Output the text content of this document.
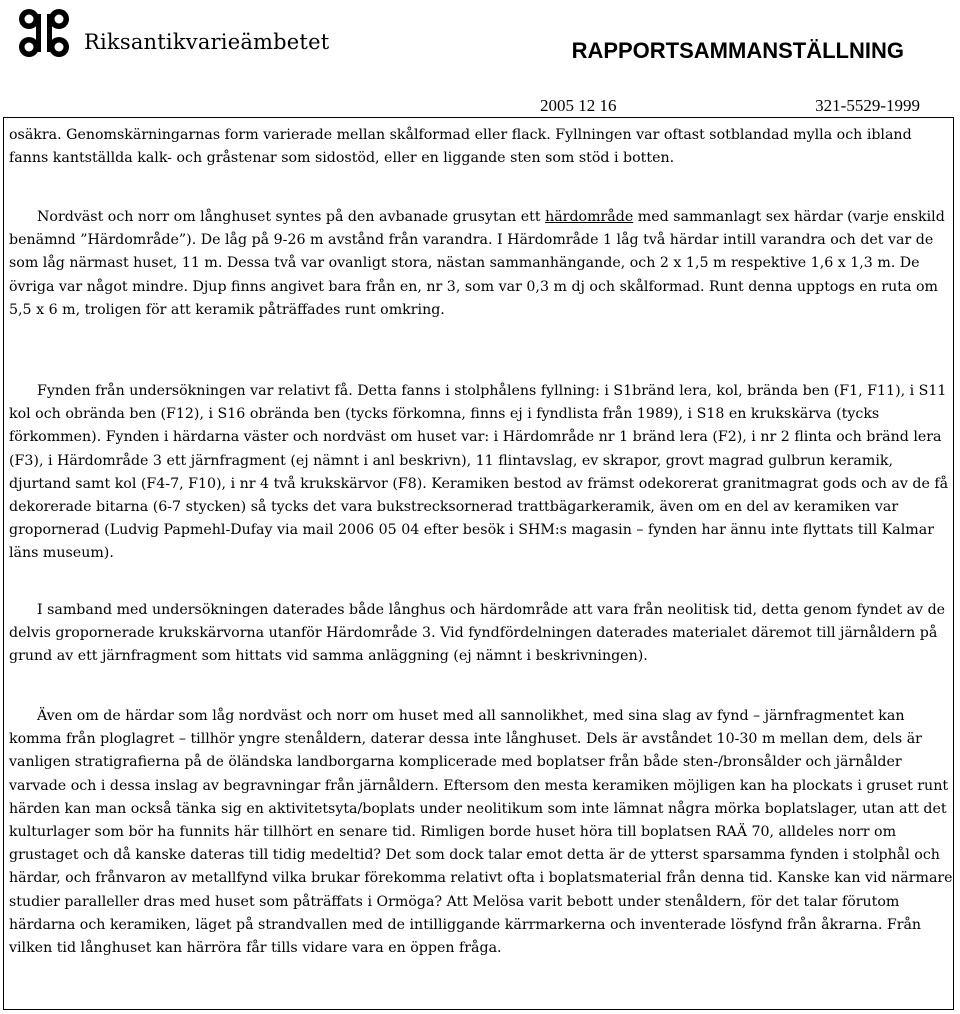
Riksantikvarieämbetet	RAPPORTSAMMANSTÄLLNING
2005 12 16	321-5529-1999

osäkra. Genomskärningarnas form varierade mellan skålformad eller flack. Fyllningen var oftast sotblandad mylla och ibland fanns kantställda kalk- och gråstenar som sidostöd, eller en liggande sten som stöd i botten.

Nordväst och norr om långhuset syntes på den avbanade grusytan ett härdområde med sammanlagt sex härdar (varje enskild benämnd ”Härdområde”). De låg på 9-26 m avstånd från varandra. I Härdområde 1 låg två härdar intill varandra och det var de som låg närmast huset, 11 m. Dessa två var ovanligt stora, nästan sammanhängande, och 2 x 1,5 m respektive 1,6 x 1,3 m. De övriga var något mindre. Djup finns angivet bara från en, nr 3, som var 0,3 m dj och skålformad. Runt denna upptogs en ruta om 5,5 x 6 m, troligen för att keramik påträffades runt omkring.

Fynden från undersökningen var relativt få. Detta fanns i stolphålens fyllning: i S1bränd lera, kol, brända ben (F1, F11), i S11 kol och obrända ben (F12), i S16 obrända ben (tycks förkomna, finns ej i fyndlista från 1989), i S18 en krukskärva (tycks förkommen). Fynden i härdarna väster och nordväst om huset var: i Härdområde nr 1 bränd lera (F2), i nr 2 flinta och bränd lera (F3), i Härdområde 3 ett järnfragment (ej nämnt i anl beskrivn), 11 flintavslag, ev skrapor, grovt magrad gulbrun keramik, djurtand samt kol (F4-7, F10), i nr 4 två krukskärvor (F8). Keramiken bestod av främst odekorerat granitmagrat gods och av de få dekorerade bitarna (6-7 stycken) så tycks det vara bukstrecksornerad trattbägarkeramik, även om en del av keramiken var gropornerad (Ludvig Papmehl-Dufay via mail 2006 05 04 efter besök i SHM:s magasin – fynden har ännu inte flyttats till Kalmar läns museum).

I samband med undersökningen daterades både långhus och härdområde att vara från neolitisk tid, detta genom fyndet av de delvis gropornerade krukskärvorna utanför Härdområde 3. Vid fyndfördelningen daterades materialet däremot till järnåldern på grund av ett järnfragment som hittats vid samma anläggning (ej nämnt i beskrivningen).

Även om de härdar som låg nordväst och norr om huset med all sannolikhet, med sina slag av fynd – järnfragmentet kan komma från ploglagret – tillhör yngre stenåldern, daterar dessa inte långhuset. Dels är avståndet 10-30 m mellan dem, dels är vanligen stratigrafierna på de öländska landborgarna komplicerade med boplatser från både sten-/bronsålder och järnålder varvade och i dessa inslag av begravningar från järnåldern. Eftersom den mesta keramiken möjligen kan ha plockats i gruset runt härden kan man också tänka sig en aktivitetsyta/boplats under neolitikum som inte lämnat några mörka boplatslager, utan att det kulturlager som bör ha funnits här tillhört en senare tid. Rimligen borde huset höra till boplatsen RAÄ 70, alldeles norr om grustaget och då kanske dateras till tidig medeltid? Det som dock talar emot detta är de ytterst sparsamma fynden i stolphål och härdar, och frånvaron av metallfynd vilka brukar förekomma relativt ofta i boplatsmaterial från denna tid. Kanske kan vid närmare studier paralleller dras med huset som påträffats i Ormöga? Att Melösa varit bebott under stenåldern, för det talar förutom härdarna och keramiken, läget på strandvallen med de intilliggande kärrmarkerna och inventerade lösfynd från åkrarna. Från vilken tid långhuset kan härröra får tills vidare vara en öppen fråga.
